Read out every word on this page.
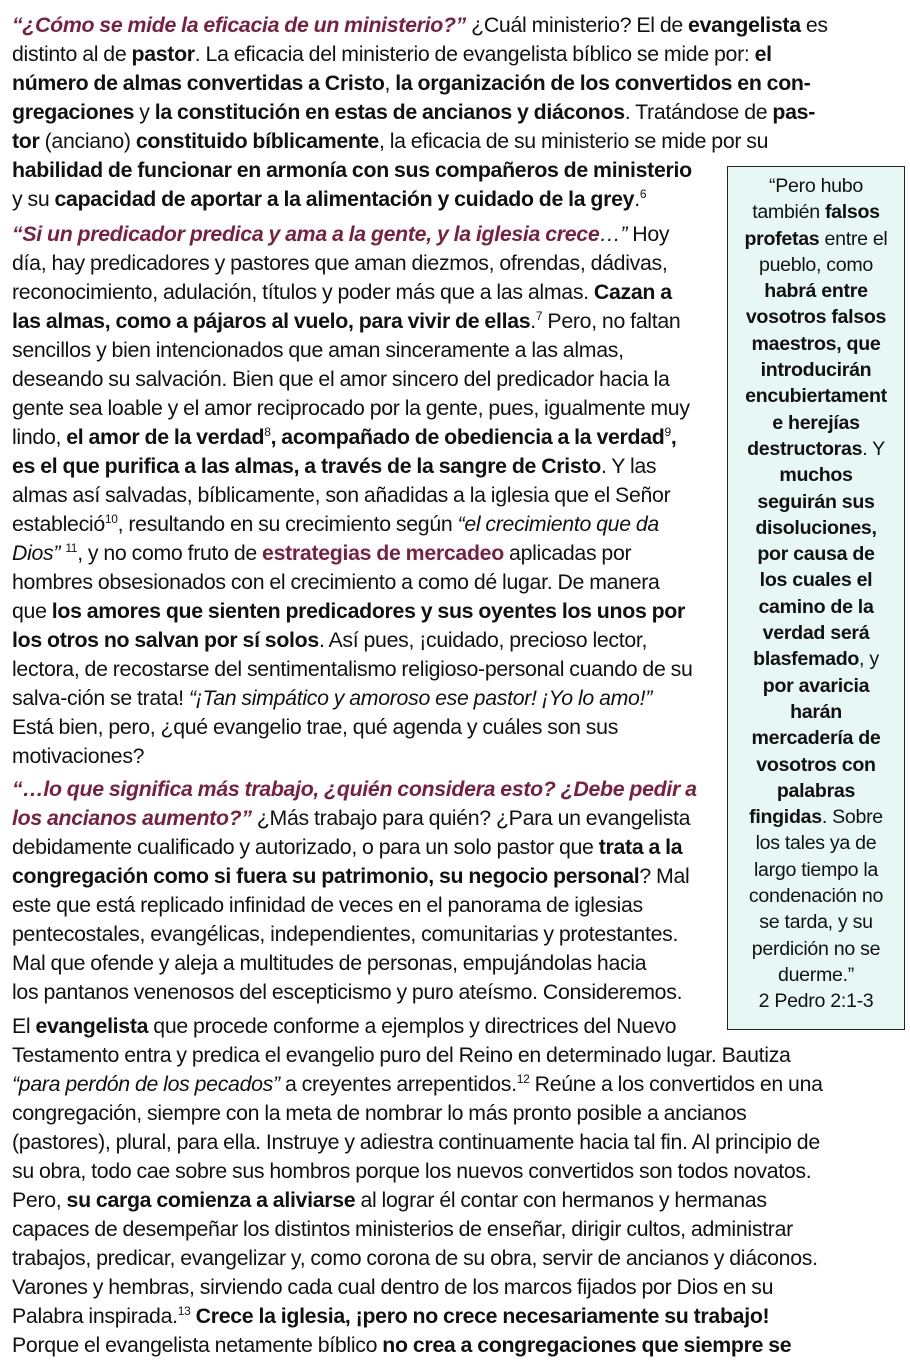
“¿Cómo se mide la eficacia de un ministerio?” ¿Cuál ministerio? El de evangelista es
distinto al de pastor. La eficacia del ministerio de evangelista bíblico se mide por: el
número de almas convertidas a Cristo, la organización de los convertidos en con-
gregaciones y la constitución en estas de ancianos y diáconos. Tratándose de pas-
tor (anciano) constituido bíblicamente, la eficacia de su ministerio se mide por su
habilidad de funcionar en armonía con sus compañeros de ministerio
y su capacidad de aportar a la alimentación y cuidado de la grey.$^6$

“Si un predicador predica y ama a la gente, y la iglesia crece…” Hoy
día, hay predicadores y pastores que aman diezmos, ofrendas, dádivas,
reconocimiento, adulación, títulos y poder más que a las almas. Cazan a
las almas, como a pájaros al vuelo, para vivir de ellas.$^7$ Pero, no faltan
sencillos y bien intencionados que aman sinceramente a las almas,
deseando su salvación. Bien que el amor sincero del predicador hacia la
gente sea loable y el amor reciprocado por la gente, pues, igualmente muy
lindo, el amor de la verdad$^8$, acompañado de obediencia a la verdad$^9$,
es el que purifica a las almas, a través de la sangre de Cristo. Y las
almas así salvadas, bíblicamente, son añadidas a la iglesia que el Señor
estableció$^{10}$, resultando en su crecimiento según “el crecimiento que da
Dios” $^{11}$, y no como fruto de estrategias de mercadeo aplicadas por
hombres obsesionados con el crecimiento a como dé lugar. De manera
que los amores que sienten predicadores y sus oyentes los unos por
los otros no salvan por sí solos. Así pues, ¡cuidado, precioso lector,
lectora, de recostarse del sentimentalismo religioso-personal cuando de su
salva-ción se trata! “¡Tan simpático y amoroso ese pastor! ¡Yo lo amo!”
Está bien, pero, ¿qué evangelio trae, qué agenda y cuáles son sus
motivaciones?

“…lo que significa más trabajo, ¿quién considera esto? ¿Debe pedir a
los ancianos aumento?” ¿Más trabajo para quién? ¿Para un evangelista
debidamente cualificado y autorizado, o para un solo pastor que trata a la
congregación como si fuera su patrimonio, su negocio personal? Mal
este que está replicado infinidad de veces en el panorama de iglesias
pentecostales, evangélicas, independientes, comunitarias y protestantes.
Mal que ofende y aleja a multitudes de personas, empujándolas hacia
los pantanos venenosos del escepticismo y puro ateísmo. Consideremos.

El evangelista que procede conforme a ejemplos y directrices del Nuevo
Testamento entra y predica el evangelio puro del Reino en determinado lugar. Bautiza
“para perdón de los pecados” a creyentes arrepentidos.$^{12}$ Reúne a los convertidos en una
congregación, siempre con la meta de nombrar lo más pronto posible a ancianos
(pastores), plural, para ella. Instruye y adiestra continuamente hacia tal fin. Al principio de
su obra, todo cae sobre sus hombros porque los nuevos convertidos son todos novatos.
Pero, su carga comienza a aliviarse al lograr él contar con hermanos y hermanas
capaces de desempeñar los distintos ministerios de enseñar, dirigir cultos, administrar
trabajos, predicar, evangelizar y, como corona de su obra, servir de ancianos y diáconos.
Varones y hembras, sirviendo cada cual dentro de los marcos fijados por Dios en su
Palabra inspirada.$^{13}$ Crece la iglesia, ¡pero no crece necesariamente su trabajo!
Porque el evangelista netamente bíblico no crea a congregaciones que siempre se

“Pero hubo
también falsos
profetas entre el
pueblo, como
habrá entre
vosotros falsos
maestros, que
introducirán
encubiertament
e herejías
destructoras. Y
muchos
seguirán sus
disoluciones,
por causa de
los cuales el
camino de la
verdad será
blasfemado, y
por avaricia
harán
mercadería de
vosotros con
palabras
fingidas. Sobre
los tales ya de
largo tiempo la
condenación no
se tarda, y su
perdición no se
duerme.”
2 Pedro 2:1-3
